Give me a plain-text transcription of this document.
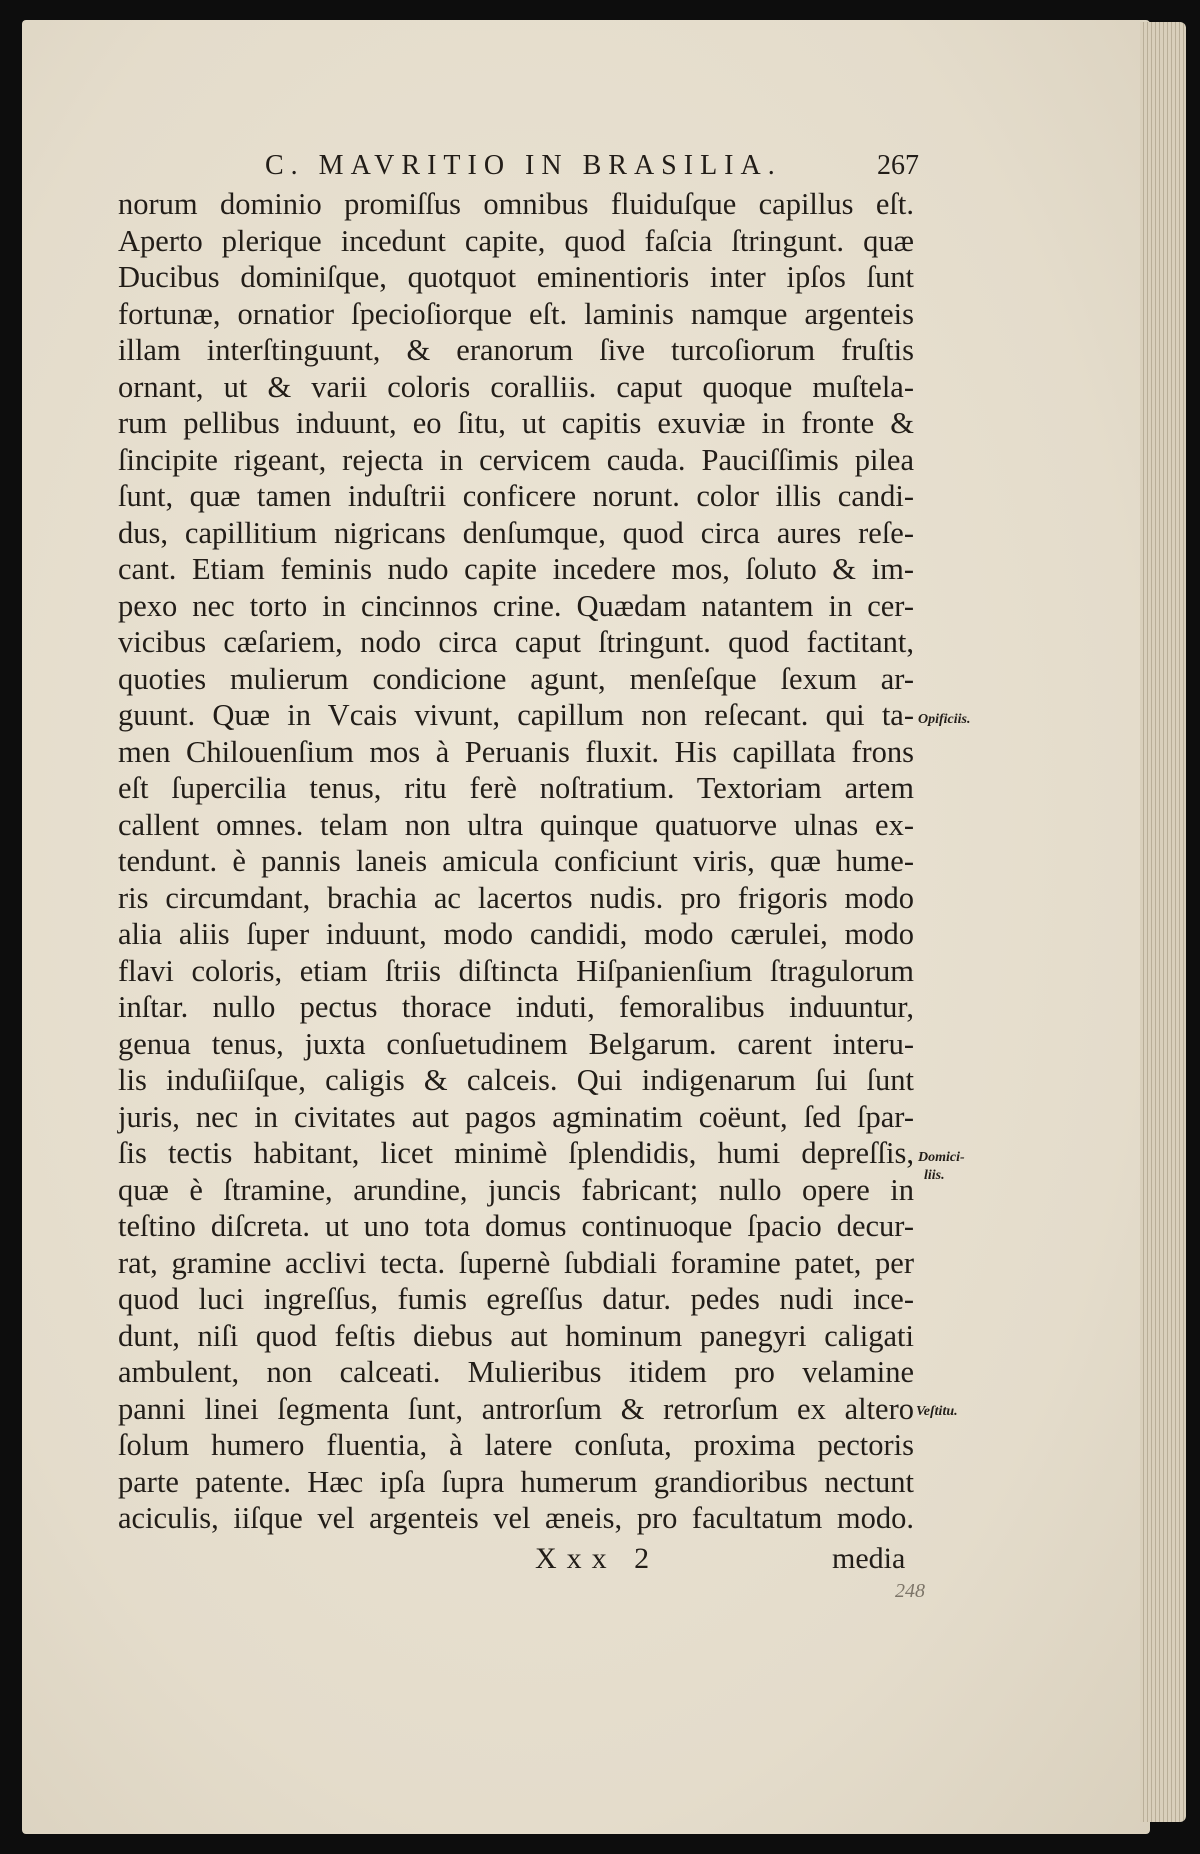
C. MAVRITIO IN BRASILIA.	267
norum dominio promiſſus omnibus fluiduſque capillus eſt.
Aperto plerique incedunt capite, quod faſcia ſtringunt. quæ
Ducibus dominiſque, quotquot eminentioris inter ipſos ſunt
fortunæ, ornatior ſpecioſiorque eſt. laminis namque argenteis
illam interſtinguunt, & eranorum ſive turcoſiorum fruſtis
ornant, ut & varii coloris coralliis. caput quoque muſtela-
rum pellibus induunt, eo ſitu, ut capitis exuviæ in fronte &
ſincipite rigeant, rejecta in cervicem cauda. Pauciſſimis pilea
ſunt, quæ tamen induſtrii conficere norunt. color illis candi-
dus, capillitium nigricans denſumque, quod circa aures reſe-
cant. Etiam feminis nudo capite incedere mos, ſoluto & im-
pexo nec torto in cincinnos crine. Quædam natantem in cer-
vicibus cæſariem, nodo circa caput ſtringunt. quod factitant,
quoties mulierum condicione agunt, menſeſque ſexum ar-
guunt. Quæ in Vcais vivunt, capillum non reſecant. qui ta-
men Chilouenſium mos à Peruanis fluxit. His capillata frons
eſt ſupercilia tenus, ritu ferè noſtratium. Textoriam artem
callent omnes. telam non ultra quinque quatuorve ulnas ex-
tendunt. è pannis laneis amicula conficiunt viris, quæ hume-
ris circumdant, brachia ac lacertos nudis. pro frigoris modo
alia aliis ſuper induunt, modo candidi, modo cærulei, modo
flavi coloris, etiam ſtriis diſtincta Hiſpanienſium ſtragulorum
inſtar. nullo pectus thorace induti, femoralibus induuntur,
genua tenus, juxta conſuetudinem Belgarum. carent interu-
lis induſiiſque, caligis & calceis. Qui indigenarum ſui ſunt
juris, nec in civitates aut pagos agminatim coëunt, ſed ſpar-
ſis tectis habitant, licet minimè ſplendidis, humi depreſſis,
quæ è ſtramine, arundine, juncis fabricant; nullo opere in
teſtino diſcreta. ut uno tota domus continuoque ſpacio decur-
rat, gramine acclivi tecta. ſupernè ſubdiali foramine patet, per
quod luci ingreſſus, fumis egreſſus datur. pedes nudi ince-
dunt, niſi quod feſtis diebus aut hominum panegyri caligati
ambulent, non calceati. Mulieribus itidem pro velamine
panni linei ſegmenta ſunt, antrorſum & retrorſum ex altero
ſolum humero fluentia, à latere conſuta, proxima pectoris
parte patente. Hæc ipſa ſupra humerum grandioribus nectunt
aciculis, iiſque vel argenteis vel æneis, pro facultatum modo.
Opificiis.
Domici-
liis.
Veſtitu.
Xxx 2	media
248
